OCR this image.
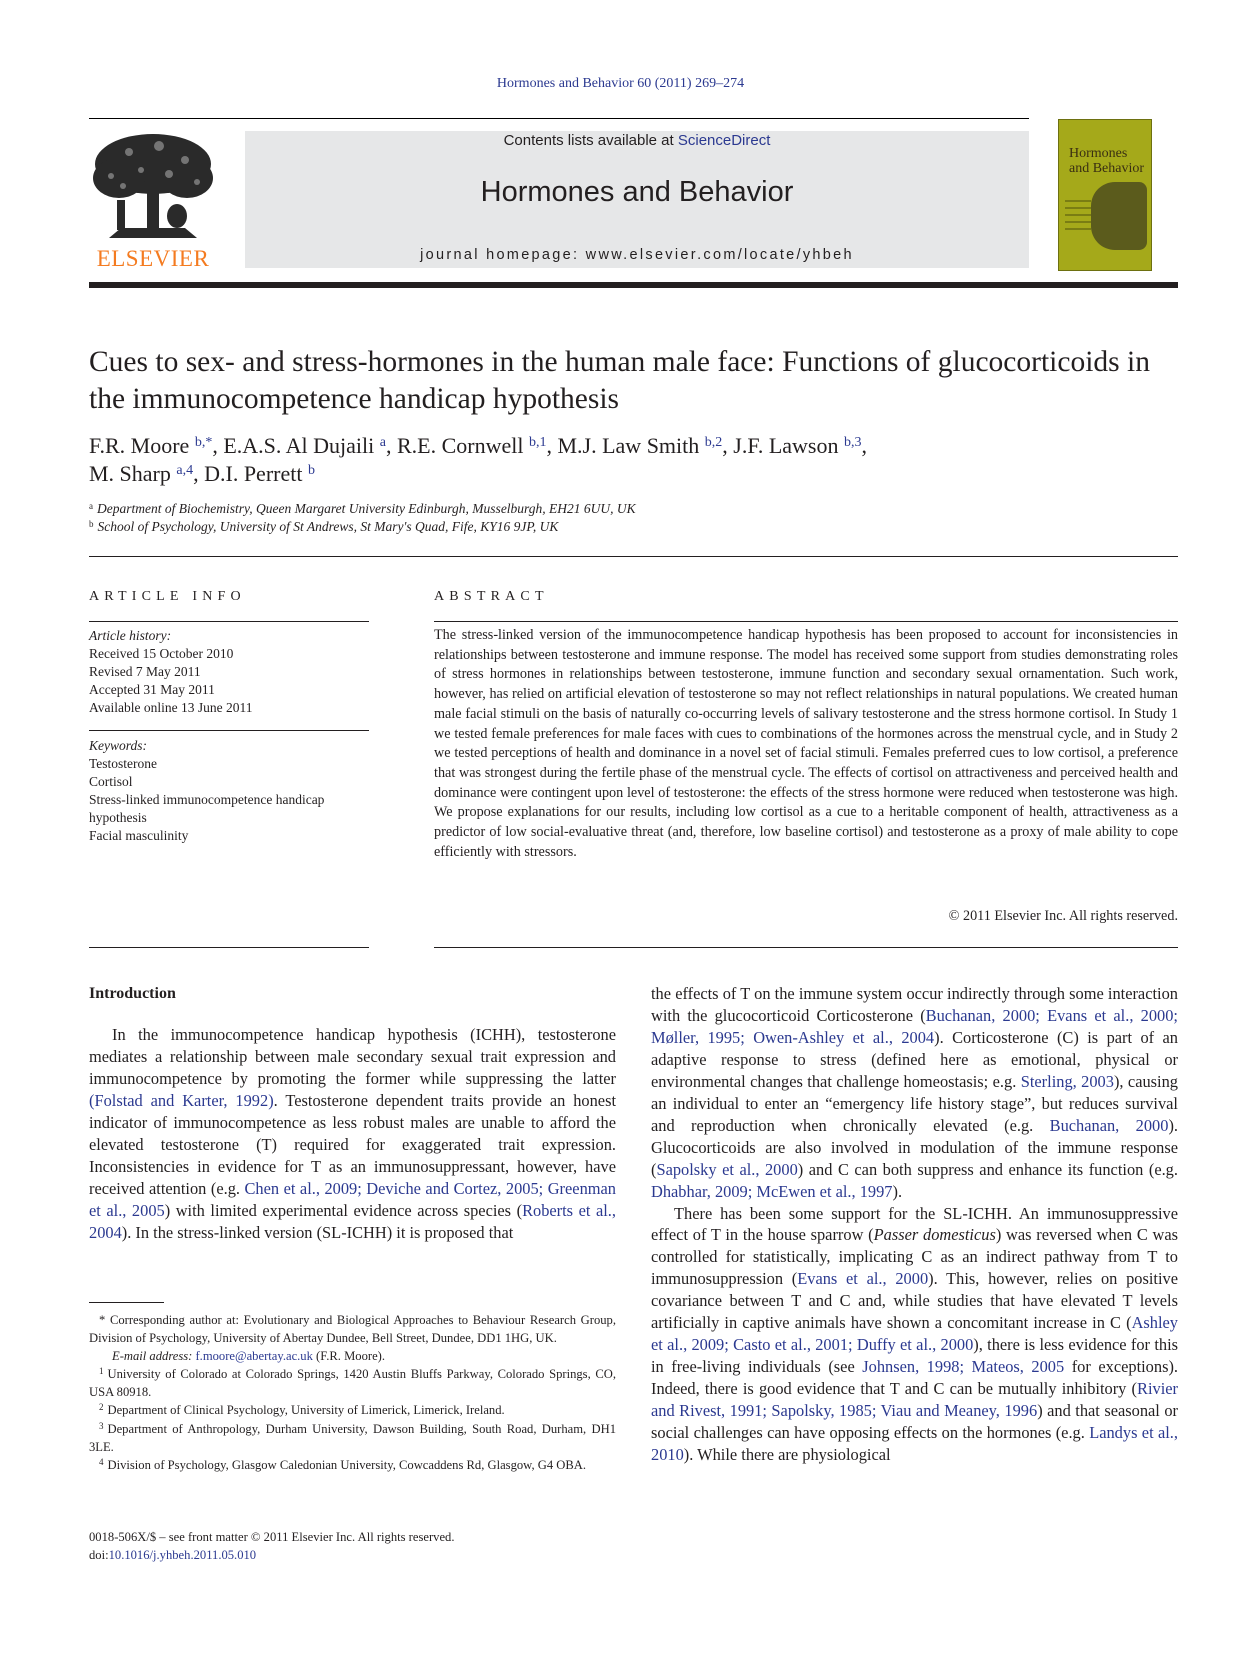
Hormones and Behavior 60 (2011) 269–274
ELSEVIER
Contents lists available at ScienceDirect
Hormones and Behavior
journal homepage: www.elsevier.com/locate/yhbeh
Hormones
and Behavior
Cues to sex- and stress-hormones in the human male face: Functions of glucocorticoids in the immunocompetence handicap hypothesis
F.R. Moore $^{b,*}$, E.A.S. Al Dujaili $^a$, R.E. Cornwell $^{b,1}$, M.J. Law Smith $^{b,2}$, J.F. Lawson $^{b,3}$,
M. Sharp $^{a,4}$, D.I. Perrett $^b$
$^a$ Department of Biochemistry, Queen Margaret University Edinburgh, Musselburgh, EH21 6UU, UK
$^b$ School of Psychology, University of St Andrews, St Mary's Quad, Fife, KY16 9JP, UK
ARTICLE INFO
Article history:
Received 15 October 2010
Revised 7 May 2011
Accepted 31 May 2011
Available online 13 June 2011
Keywords:
Testosterone
Cortisol
Stress-linked immunocompetence handicap hypothesis
Facial masculinity
ABSTRACT
The stress-linked version of the immunocompetence handicap hypothesis has been proposed to account for inconsistencies in relationships between testosterone and immune response. The model has received some support from studies demonstrating roles of stress hormones in relationships between testosterone, immune function and secondary sexual ornamentation. Such work, however, has relied on artificial elevation of testosterone so may not reflect relationships in natural populations. We created human male facial stimuli on the basis of naturally co-occurring levels of salivary testosterone and the stress hormone cortisol. In Study 1 we tested female preferences for male faces with cues to combinations of the hormones across the menstrual cycle, and in Study 2 we tested perceptions of health and dominance in a novel set of facial stimuli. Females preferred cues to low cortisol, a preference that was strongest during the fertile phase of the menstrual cycle. The effects of cortisol on attractiveness and perceived health and dominance were contingent upon level of testosterone: the effects of the stress hormone were reduced when testosterone was high. We propose explanations for our results, including low cortisol as a cue to a heritable component of health, attractiveness as a predictor of low social-evaluative threat (and, therefore, low baseline cortisol) and testosterone as a proxy of male ability to cope efficiently with stressors.
© 2011 Elsevier Inc. All rights reserved.
Introduction

In the immunocompetence handicap hypothesis (ICHH), testosterone mediates a relationship between male secondary sexual trait expression and immunocompetence by promoting the former while suppressing the latter (Folstad and Karter, 1992). Testosterone dependent traits provide an honest indicator of immunocompetence as less robust males are unable to afford the elevated testosterone (T) required for exaggerated trait expression. Inconsistencies in evidence for T as an immunosuppressant, however, have received attention (e.g. Chen et al., 2009; Deviche and Cortez, 2005; Greenman et al., 2005) with limited experimental evidence across species (Roberts et al., 2004). In the stress-linked version (SL-ICHH) it is proposed that

the effects of T on the immune system occur indirectly through some interaction with the glucocorticoid Corticosterone (Buchanan, 2000; Evans et al., 2000; Møller, 1995; Owen-Ashley et al., 2004). Corticosterone (C) is part of an adaptive response to stress (defined here as emotional, physical or environmental changes that challenge homeostasis; e.g. Sterling, 2003), causing an individual to enter an “emergency life history stage”, but reduces survival and reproduction when chronically elevated (e.g. Buchanan, 2000). Glucocorticoids are also involved in modulation of the immune response (Sapolsky et al., 2000) and C can both suppress and enhance its function (e.g. Dhabhar, 2009; McEwen et al., 1997).

There has been some support for the SL-ICHH. An immunosuppressive effect of T in the house sparrow (Passer domesticus) was reversed when C was controlled for statistically, implicating C as an indirect pathway from T to immunosuppression (Evans et al., 2000). This, however, relies on positive covariance between T and C and, while studies that have elevated T levels artificially in captive animals have shown a concomitant increase in C (Ashley et al., 2009; Casto et al., 2001; Duffy et al., 2000), there is less evidence for this in free-living individuals (see Johnsen, 1998; Mateos, 2005 for exceptions). Indeed, there is good evidence that T and C can be mutually inhibitory (Rivier and Rivest, 1991; Sapolsky, 1985; Viau and Meaney, 1996) and that seasonal or social challenges can have opposing effects on the hormones (e.g. Landys et al., 2010). While there are physiological

* Corresponding author at: Evolutionary and Biological Approaches to Behaviour Research Group, Division of Psychology, University of Abertay Dundee, Bell Street, Dundee, DD1 1HG, UK.

E-mail address: f.moore@abertay.ac.uk (F.R. Moore).

$^1$ University of Colorado at Colorado Springs, 1420 Austin Bluffs Parkway, Colorado Springs, CO, USA 80918.

$^2$ Department of Clinical Psychology, University of Limerick, Limerick, Ireland.

$^3$ Department of Anthropology, Durham University, Dawson Building, South Road, Durham, DH1 3LE.

$^4$ Division of Psychology, Glasgow Caledonian University, Cowcaddens Rd, Glasgow, G4 OBA.

0018-506X/$ – see front matter © 2011 Elsevier Inc. All rights reserved.
doi:10.1016/j.yhbeh.2011.05.010
